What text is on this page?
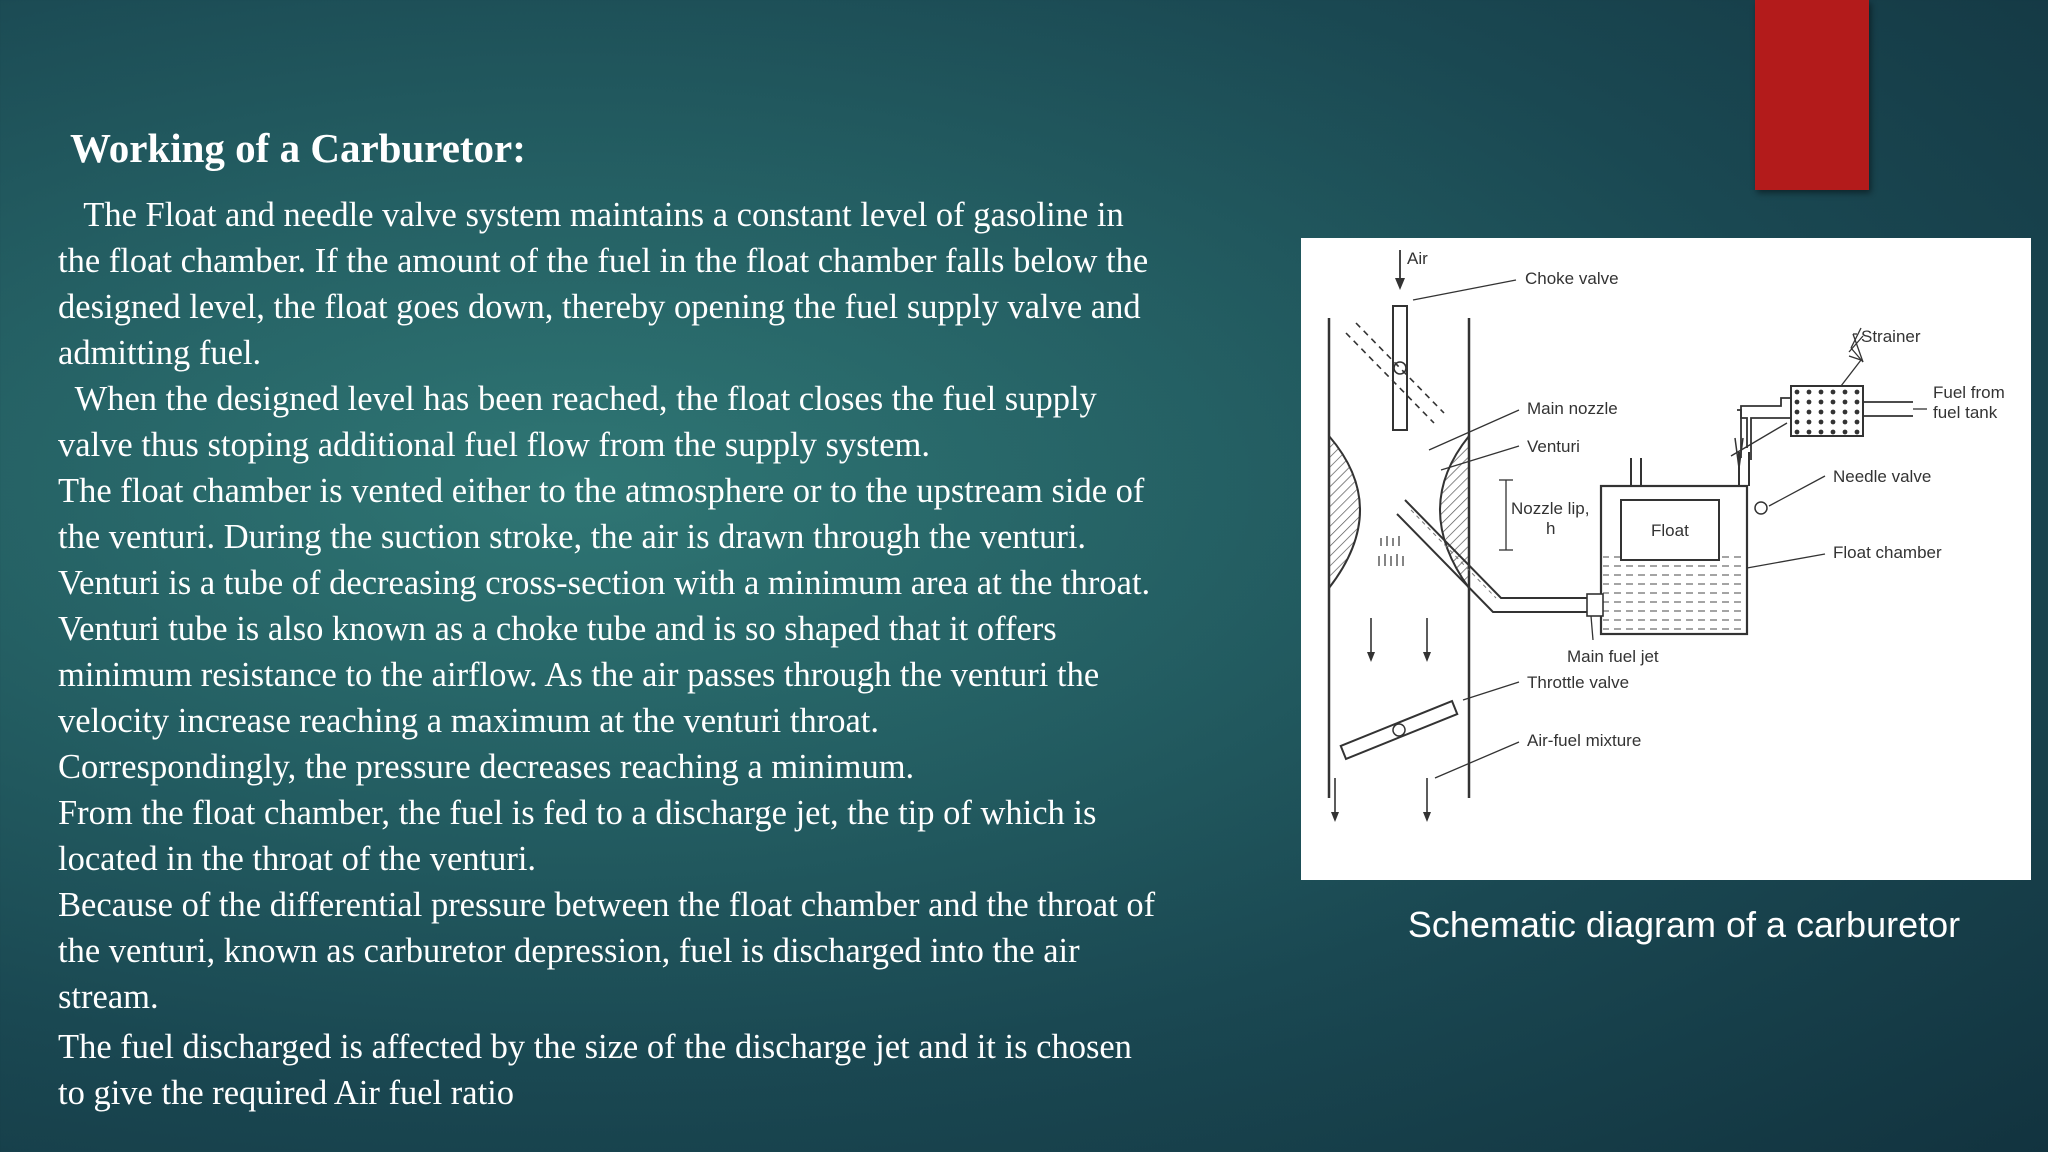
Working of a Carburetor:
The Float and needle valve system maintains a constant level of gasoline in
the float chamber. If the amount of the fuel in the float chamber falls below the
designed level, the float goes down, thereby opening the fuel supply valve and
admitting fuel.
When the designed level has been reached, the float closes the fuel supply
valve thus stoping additional fuel flow from the supply system.
The float chamber is vented either to the atmosphere or to the upstream side of
the venturi. During the suction stroke, the air is drawn through the venturi.
Venturi is a tube of decreasing cross-section with a minimum area at the throat.
Venturi tube is also known as a choke tube and is so shaped that it offers
minimum resistance to the airflow. As the air passes through the venturi the
velocity increase reaching a maximum at the venturi throat.
Correspondingly, the pressure decreases reaching a minimum.
From the float chamber, the fuel is fed to a discharge jet, the tip of which is
located in the throat of the venturi.
Because of the differential pressure between the float chamber and the throat of
the venturi, known as carburetor depression, fuel is discharged into the air
stream.
The fuel discharged is affected by the size of the discharge jet and it is chosen
to give the required Air fuel ratio
Air
Choke valve
Nozzle lip,
h
Main nozzle
Venturi
Float
Strainer
Fuel from
fuel tank
Needle valve
Float chamber
Main fuel jet
Throttle valve
Air-fuel mixture
Schematic diagram of a carburetor
